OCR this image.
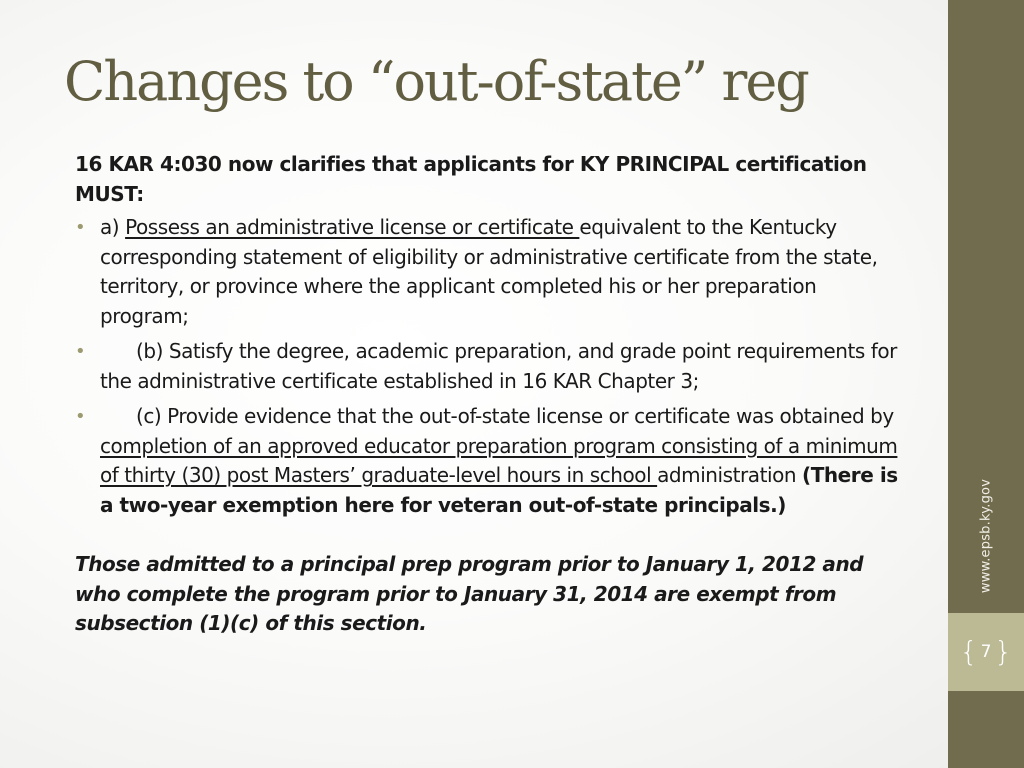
Changes to “out-of-state” reg

16 KAR 4:030 now clarifies that applicants for KY PRINCIPAL certification MUST:

• a) Possess an administrative license or certificate equivalent to the Kentucky corresponding statement of eligibility or administrative certificate from the state, territory, or province where the applicant completed his or her preparation program;
•	(b) Satisfy the degree, academic preparation, and grade point requirements for the administrative certificate established in 16 KAR Chapter 3;
•	(c) Provide evidence that the out-of-state license or certificate was obtained by completion of an approved educator preparation program consisting of a minimum of thirty (30) post Masters’ graduate-level hours in school administration (There is a two-year exemption here for veteran out-of-state principals.)

Those admitted to a principal prep program prior to January 1, 2012 and who complete the program prior to January 31, 2014 are exempt from subsection (1)(c) of this section.

www.epsb.ky.gov
{ 7 }
